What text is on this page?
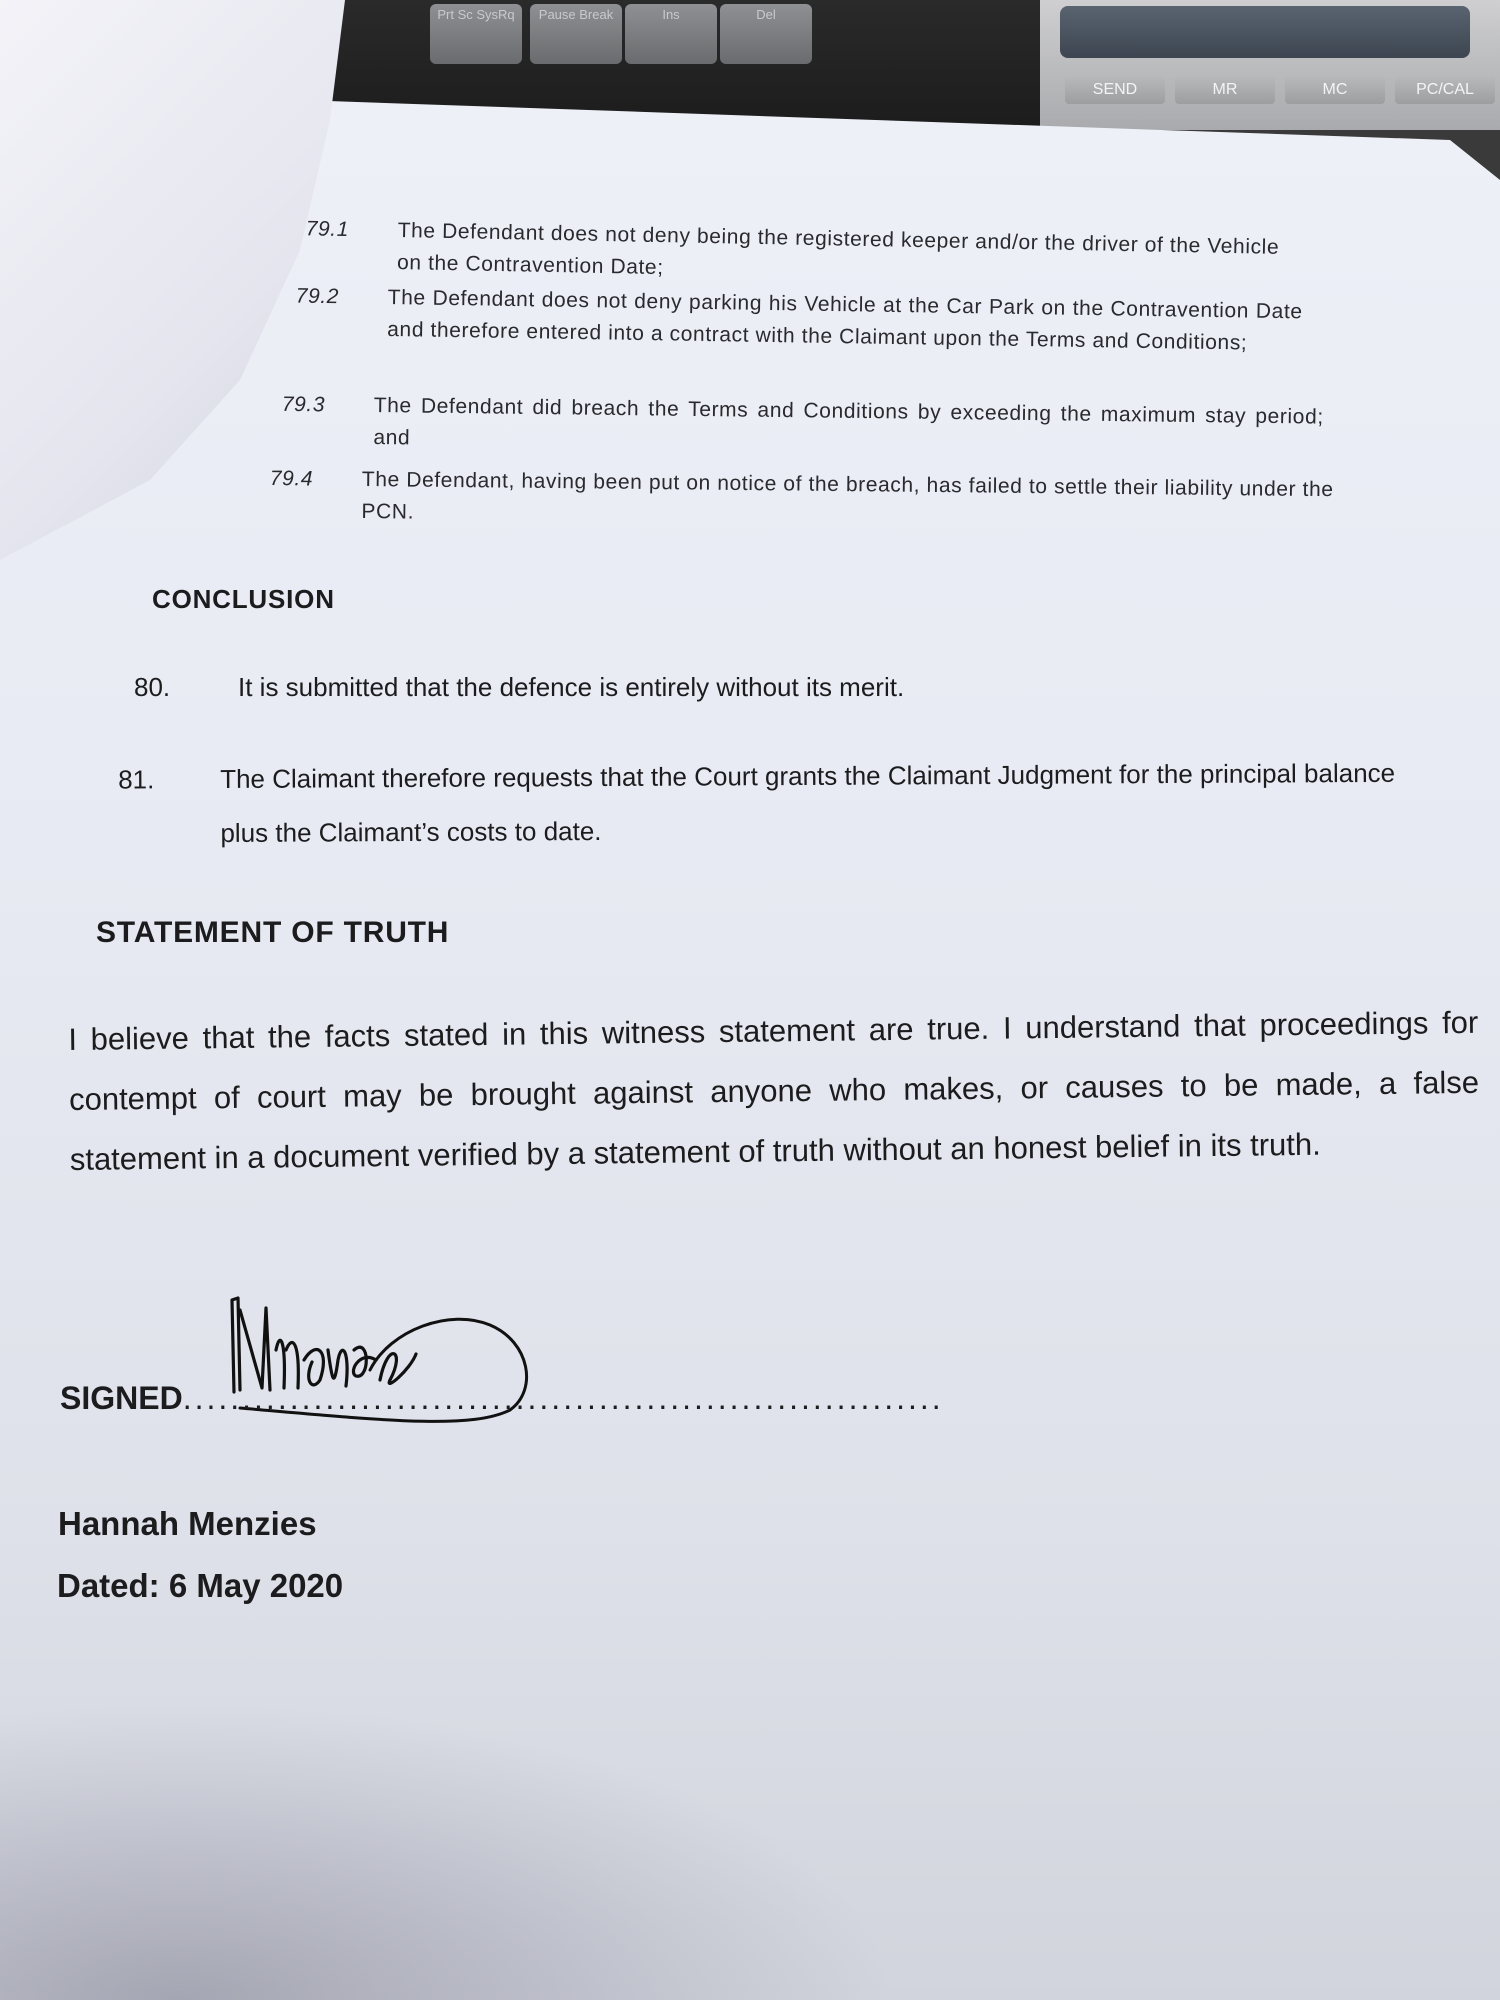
Prt Sc SysRq	Pause Break	Ins	Del
SEND	MR	MC	PC/CAL
79.1 The Defendant does not deny being the registered keeper and/or the driver of the Vehicle on the Contravention Date;
79.2 The Defendant does not deny parking his Vehicle at the Car Park on the Contravention Date and therefore entered into a contract with the Claimant upon the Terms and Conditions;
79.3 The Defendant did breach the Terms and Conditions by exceeding the maximum stay period; and
79.4 The Defendant, having been put on notice of the breach, has failed to settle their liability under the PCN.
CONCLUSION
80.	It is submitted that the defence is entirely without its merit.
81.	The Claimant therefore requests that the Court grants the Claimant Judgment for the principal balance plus the Claimant’s costs to date.
STATEMENT OF TRUTH
I believe that the facts stated in this witness statement are true. I understand that proceedings for contempt of court may be brought against anyone who makes, or causes to be made, a false statement in a document verified by a statement of truth without an honest belief in its truth.
SIGNED................................................................
Hannah Menzies
Dated: 6 May 2020
